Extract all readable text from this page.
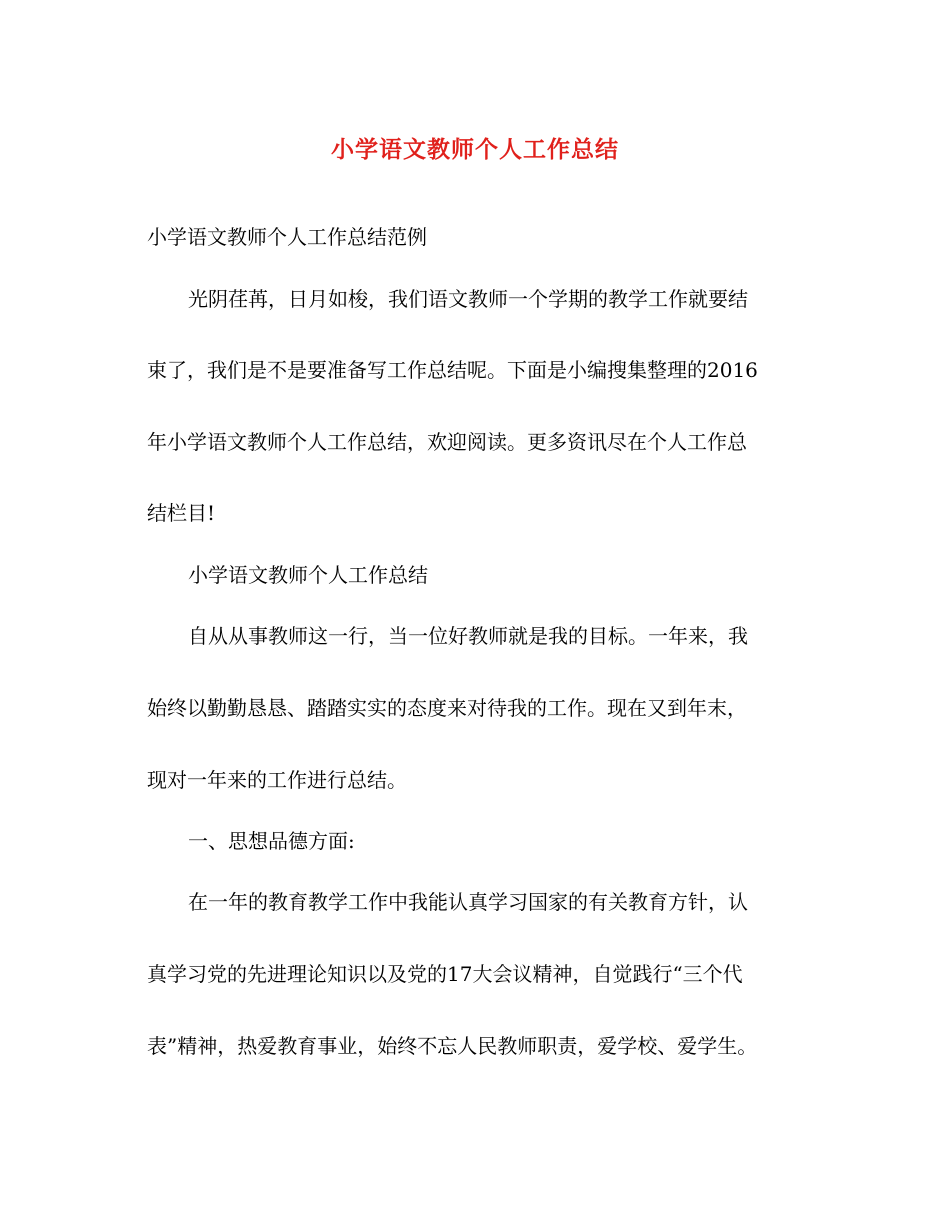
小学语文教师个人工作总结
小学语文教师个人工作总结范例
光阴荏苒，日月如梭，我们语文教师一个学期的教学工作就要结
束了，我们是不是要准备写工作总结呢。下面是小编搜集整理的2016
年小学语文教师个人工作总结，欢迎阅读。更多资讯尽在个人工作总
结栏目!
小学语文教师个人工作总结
自从从事教师这一行，当一位好教师就是我的目标。一年来，我
始终以勤勤恳恳、踏踏实实的态度来对待我的工作。现在又到年末，
现对一年来的工作进行总结。
一、思想品德方面:
在一年的教育教学工作中我能认真学习国家的有关教育方针，认
真学习党的先进理论知识以及党的17大会议精神，自觉践行“三个代
表”精神，热爱教育事业，始终不忘人民教师职责，爱学校、爱学生。
